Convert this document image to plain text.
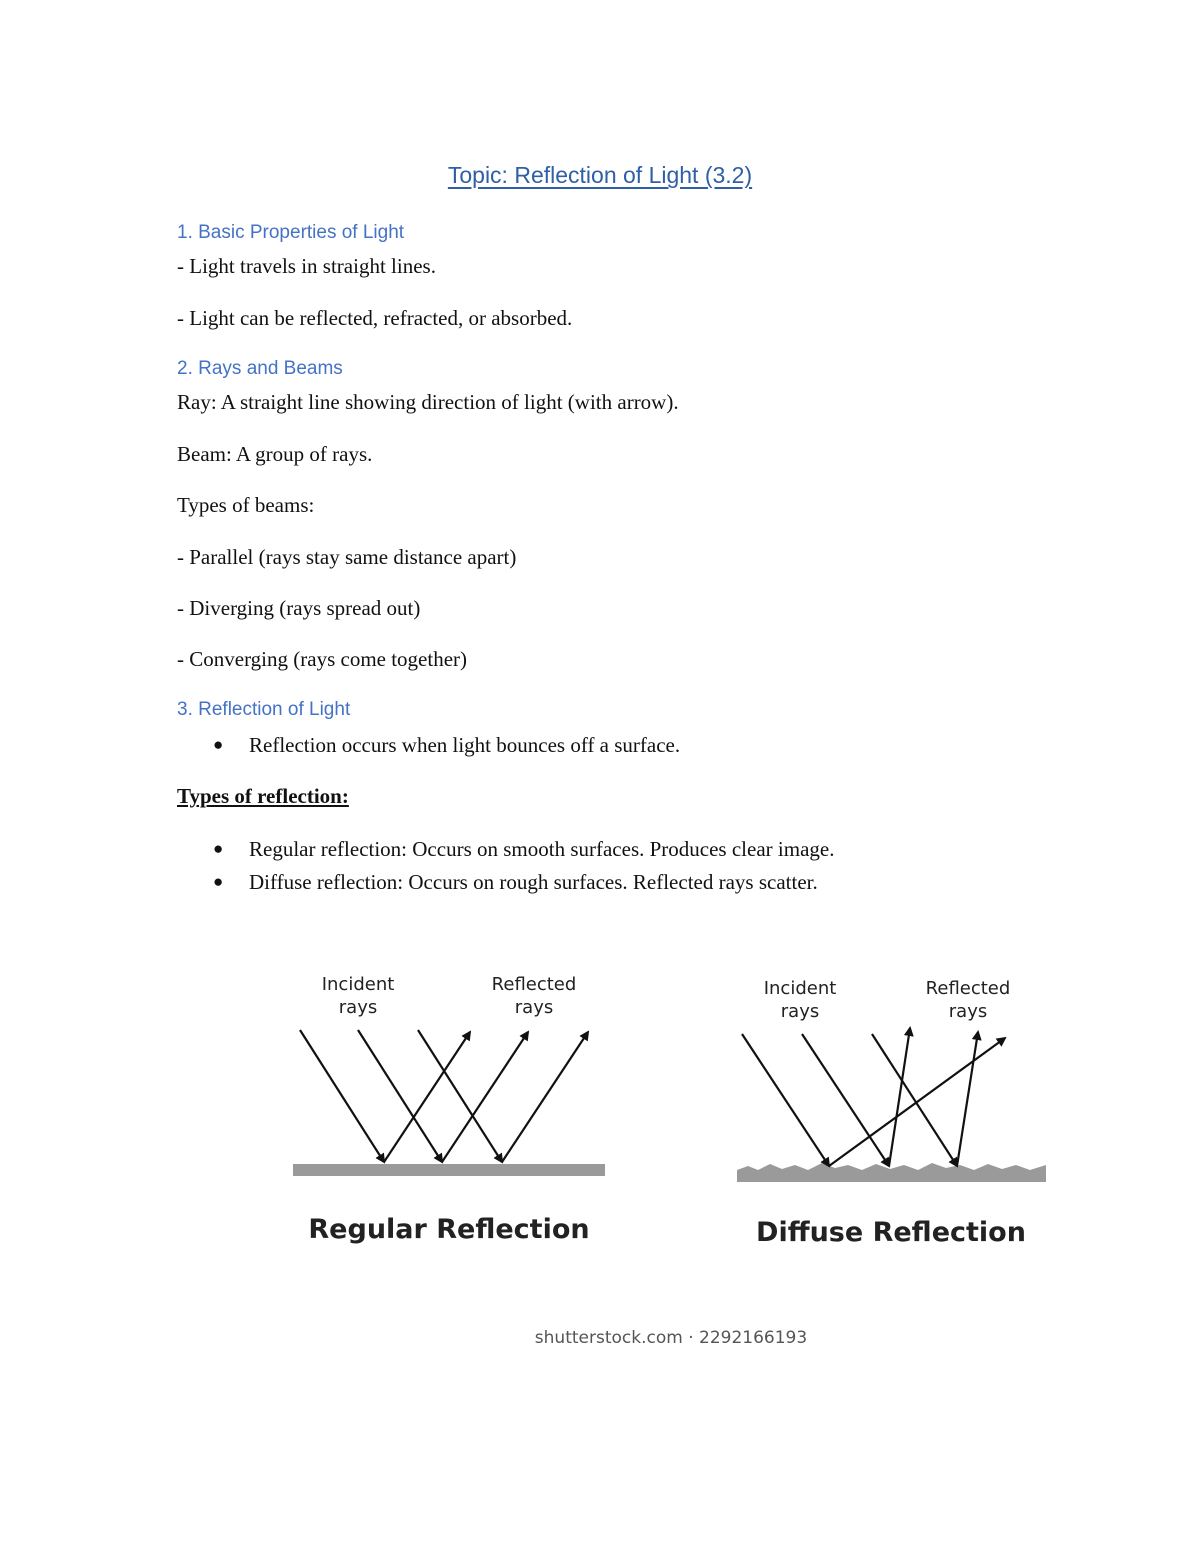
Topic: Reflection of Light (3.2)
1. Basic Properties of Light
- Light travels in straight lines.
- Light can be reflected, refracted, or absorbed.
2. Rays and Beams
Ray: A straight line showing direction of light (with arrow).
Beam: A group of rays.
Types of beams:
- Parallel (rays stay same distance apart)
- Diverging (rays spread out)
- Converging (rays come together)
3. Reflection of Light
● Reflection occurs when light bounces off a surface.
Types of reflection:
● Regular reflection: Occurs on smooth surfaces. Produces clear image.
● Diffuse reflection: Occurs on rough surfaces. Reflected rays scatter.
Incident
rays
Reflected
rays
Regular Reflection
Incident
rays
Reflected
rays
Diffuse Reflection
shutterstock.com · 2292166193
